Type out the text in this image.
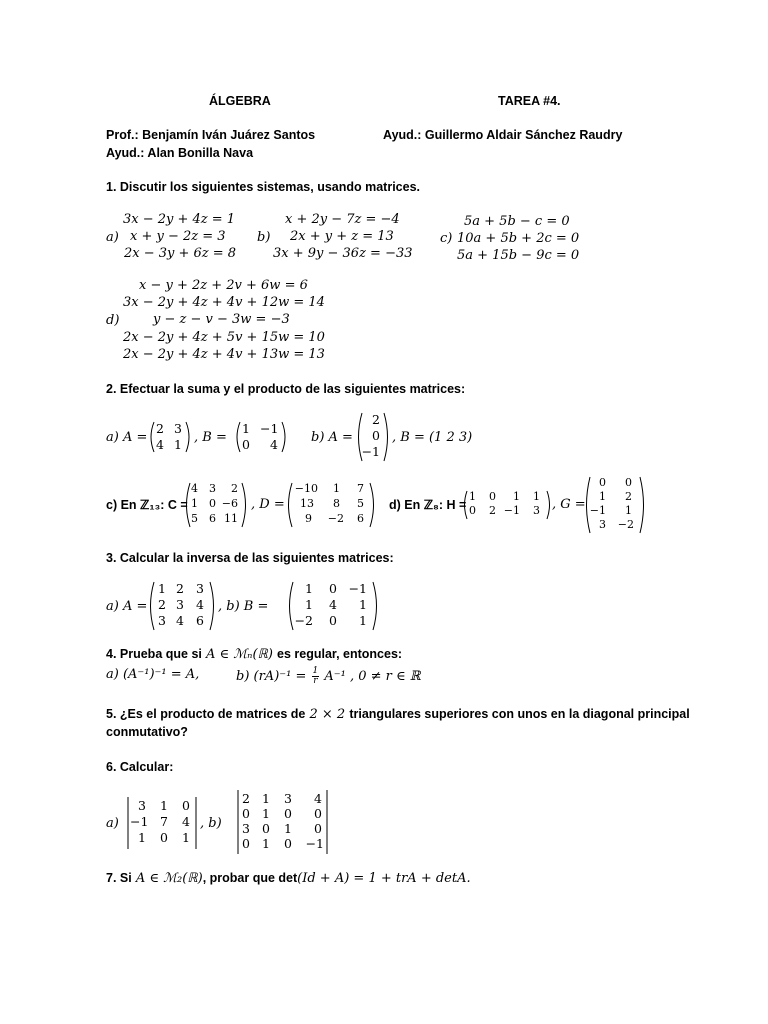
ÁLGEBRA	TAREA #4.
Prof.: Benjamín Iván Juárez Santos	Ayud.: Guillermo Aldair Sánchez Raudry
Ayud.: Alan Bonilla Nava
1. Discutir los siguientes sistemas, usando matrices.
3x − 2y + 4z = 1
a) x + y − 2z = 3
2x − 3y + 6z = 8
x + 2y − 7z = −4
b) 2x + y + z = 13
3x + 9y − 36z = −33
5a + 5b − c = 0
c) 10a + 5b + 2c = 0
5a + 15b − 9c = 0
x − y + 2z + 2v + 6w = 6
3x − 2y + 4z + 4v + 12w = 14
d)	y − z − v − 3w = −3
2x − 2y + 4z + 5v + 15w = 10
2x − 2y + 4z + 4v + 13w = 13
2. Efectuar la suma y el producto de las siguientes matrices:
a) A =
2 3
4 1 , B =
1 −1
0	4	b) A =
2
0
−1
, B = (1 2 3)
c) En ℤ₁₃: C =
4	3	2
1	0 −6
5	6 11
, D =
−10	1	7
13	8	5
9	−2	6
d) En ℤ₈: H =
1	0	1	1
0	2 −1	3 , G =
0	0
1	2
−1	1
3	−2
3. Calcular la inversa de las siguientes matrices:
a) A =
1 2 3
2 3 4
3 4 6
, b) B =
1	0 −1
1	4	1
−2	0	1
4. Prueba que si A ∈ ℳₙ(ℝ) es regular, entonces:
a) (A⁻¹)⁻¹ = A,	b) $(rA)^{-1} = \frac{1}{r} A^{-1}$ , 0 ≠ r ∈ ℝ
5. ¿Es el producto de matrices de 2 × 2 triangulares superiores con unos en la diagonal principal
conmutativo?
6. Calcular:
a)
3	1	0
−1 7	4
1	0	1
, b)
2 1	3	4
0 1	0	0
3 0	1	0
0 1	0	−1
7. Si A ∈ ℳ₂(ℝ), probar que det(Id + A) = 1 + trA + detA.
